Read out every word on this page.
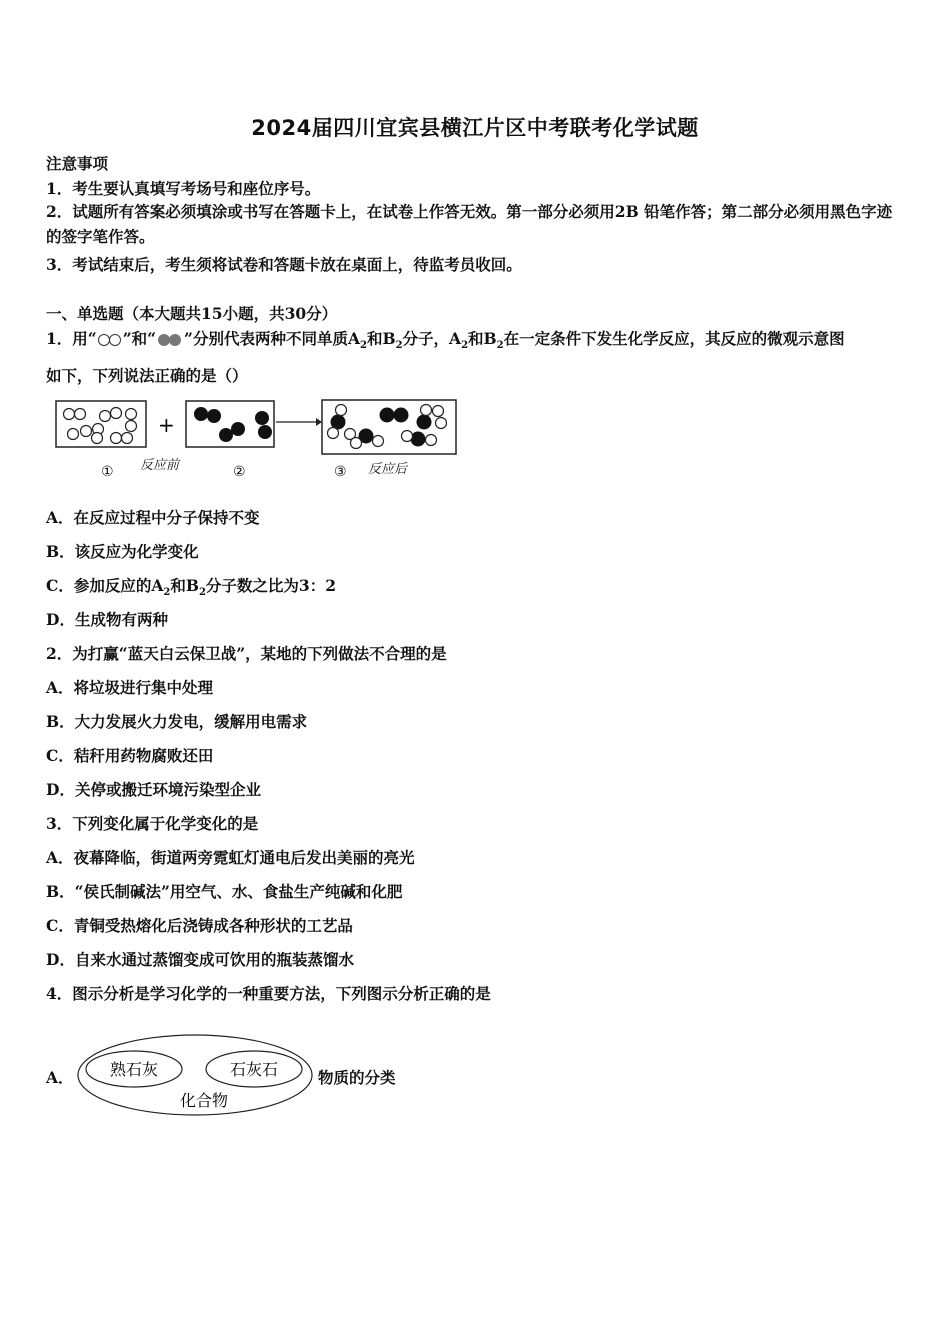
2024届四川宜宾县横江片区中考联考化学试题
注意事项
1．考生要认真填写考场号和座位序号。
2．试题所有答案必须填涂或书写在答题卡上，在试卷上作答无效。第一部分必须用2B 铅笔作答；第二部分必须用黑色字迹的签字笔作答。
3．考试结束后，考生须将试卷和答题卡放在桌面上，待监考员收回。
一、单选题（本大题共15小题，共30分）
1．用“ ”和“ ”分别代表两种不同单质$A_2$和$B_2$分子，$A_2$和$B_2$在一定条件下发生化学反应，其反应的微观示意图
如下，下列说法正确的是（）
+
① 反应前	②	③ 反应后
A．在反应过程中分子保持不变
B．该反应为化学变化
C．参加反应的$A_2$和$B_2$分子数之比为3：2
D．生成物有两种
2．为打赢“蓝天白云保卫战”，某地的下列做法不合理的是
A．将垃圾进行集中处理
B．大力发展火力发电，缓解用电需求
C．秸秆用药物腐败还田
D．关停或搬迁环境污染型企业
3．下列变化属于化学变化的是
A．夜幕降临，街道两旁霓虹灯通电后发出美丽的亮光
B．“侯氏制碱法”用空气、水、食盐生产纯碱和化肥
C．青铜受热熔化后浇铸成各种形状的工艺品
D．自来水通过蒸馏变成可饮用的瓶装蒸馏水
4．图示分析是学习化学的一种重要方法，下列图示分析正确的是
A． 熟石灰	石灰石
化合物
物质的分类
